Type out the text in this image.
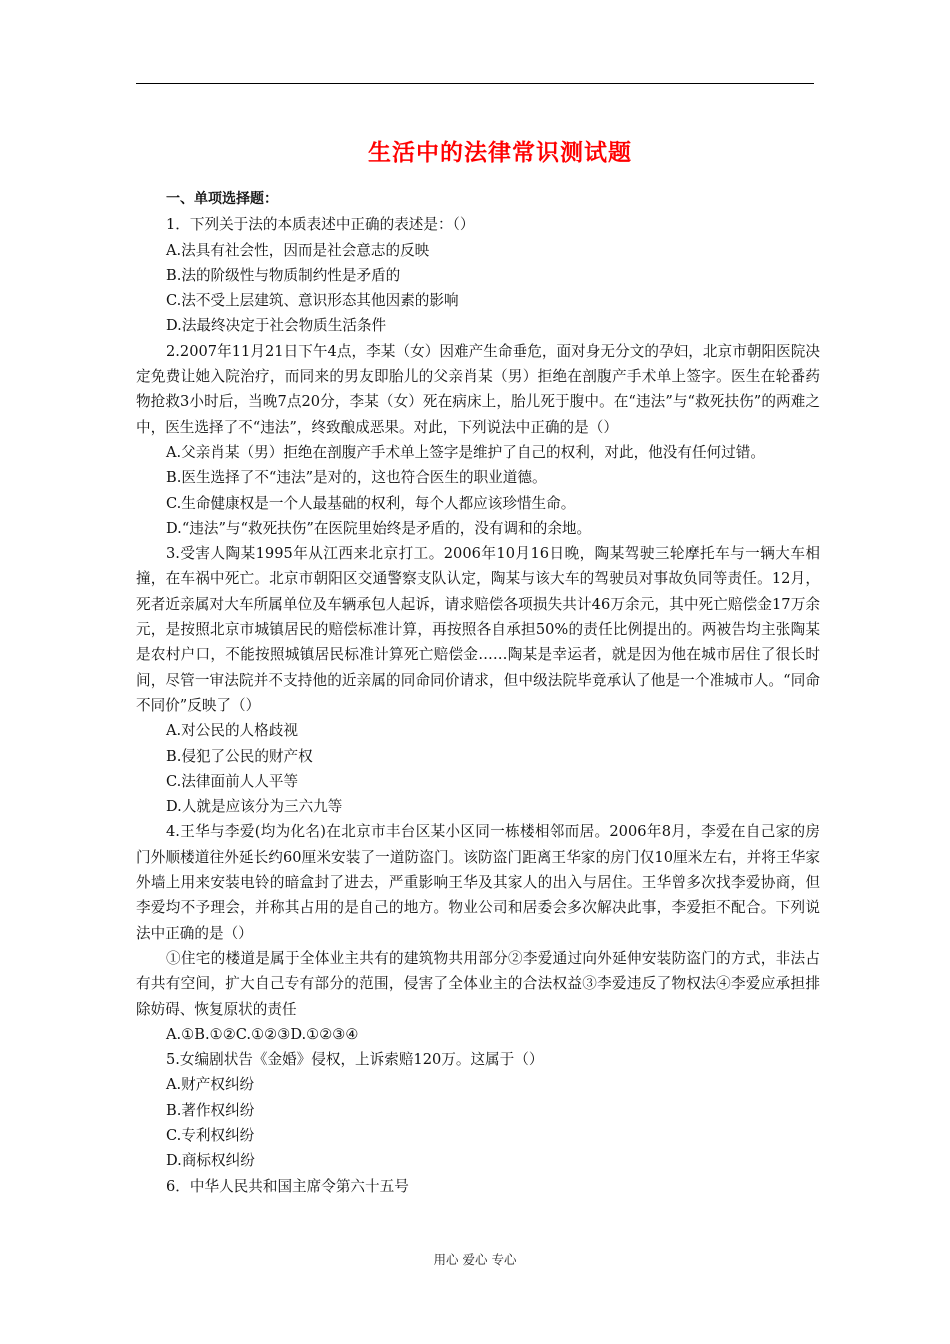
生活中的法律常识测试题

一、单项选择题：

1．下列关于法的本质表述中正确的表述是：（）

A.法具有社会性，因而是社会意志的反映

B.法的阶级性与物质制约性是矛盾的

C.法不受上层建筑、意识形态其他因素的影响

D.法最终决定于社会物质生活条件

2.2007年11月21日下午4点，李某（女）因难产生命垂危，面对身无分文的孕妇，北京市朝阳医院决定免费让她入院治疗，而同来的男友即胎儿的父亲肖某（男）拒绝在剖腹产手术单上签字。医生在轮番药物抢救3小时后，当晚7点20分，李某（女）死在病床上，胎儿死于腹中。在“违法”与“救死扶伤”的两难之中，医生选择了不“违法”，终致酿成恶果。对此，下列说法中正确的是（）

A.父亲肖某（男）拒绝在剖腹产手术单上签字是维护了自己的权利，对此，他没有任何过错。

B.医生选择了不“违法”是对的，这也符合医生的职业道德。

C.生命健康权是一个人最基础的权利，每个人都应该珍惜生命。

D.“违法”与“救死扶伤”在医院里始终是矛盾的，没有调和的余地。

3.受害人陶某1995年从江西来北京打工。2006年10月16日晚，陶某驾驶三轮摩托车与一辆大车相撞，在车祸中死亡。北京市朝阳区交通警察支队认定，陶某与该大车的驾驶员对事故负同等责任。12月，死者近亲属对大车所属单位及车辆承包人起诉，请求赔偿各项损失共计46万余元，其中死亡赔偿金17万余元，是按照北京市城镇居民的赔偿标准计算，再按照各自承担50%的责任比例提出的。两被告均主张陶某是农村户口，不能按照城镇居民标准计算死亡赔偿金……陶某是幸运者，就是因为他在城市居住了很长时间，尽管一审法院并不支持他的近亲属的同命同价请求，但中级法院毕竟承认了他是一个准城市人。“同命不同价”反映了（）

A.对公民的人格歧视

B.侵犯了公民的财产权

C.法律面前人人平等

D.人就是应该分为三六九等

4.王华与李爱(均为化名)在北京市丰台区某小区同一栋楼相邻而居。2006年8月，李爱在自己家的房门外顺楼道往外延长约60厘米安装了一道防盗门。该防盗门距离王华家的房门仅10厘米左右，并将王华家外墙上用来安装电铃的暗盒封了进去，严重影响王华及其家人的出入与居住。王华曾多次找李爱协商，但李爱均不予理会，并称其占用的是自己的地方。物业公司和居委会多次解决此事，李爱拒不配合。下列说法中正确的是（）

①住宅的楼道是属于全体业主共有的建筑物共用部分②李爱通过向外延伸安装防盗门的方式，非法占有共有空间，扩大自己专有部分的范围，侵害了全体业主的合法权益③李爱违反了物权法④李爱应承担排除妨碍、恢复原状的责任

A.①B.①②C.①②③D.①②③④

5.女编剧状告《金婚》侵权，上诉索赔120万。这属于（）

A.财产权纠纷

B.著作权纠纷

C.专利权纠纷

D.商标权纠纷

6．中华人民共和国主席令第六十五号

用心 爱心 专心
